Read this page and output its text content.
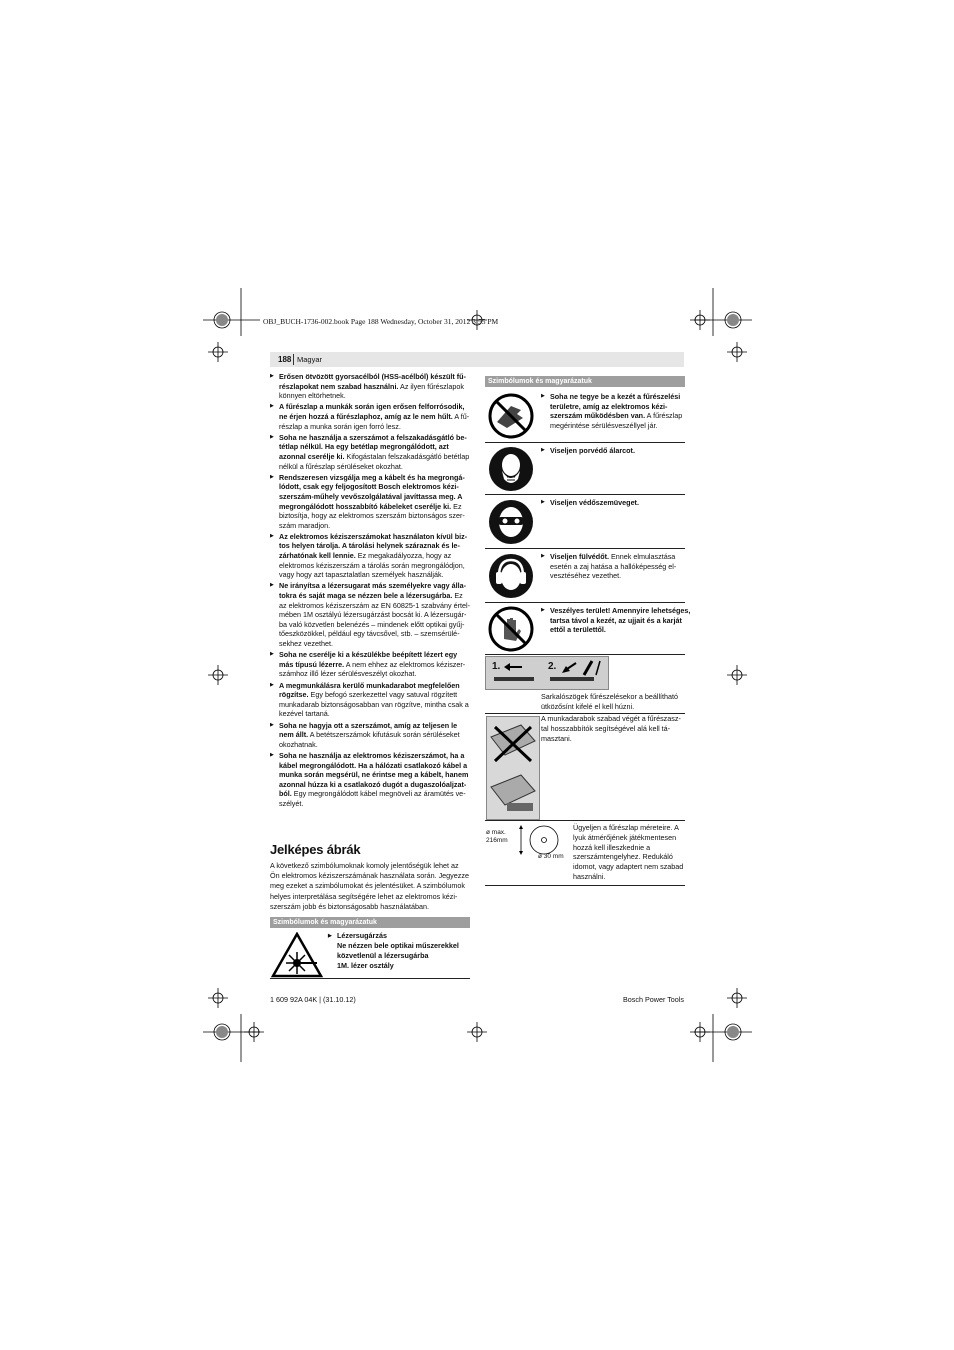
OBJ_BUCH-1736-002.book Page 188 Wednesday, October 31, 2012 3:55 PM
188 Magyar
▶ Erősen ötvözött gyorsacélból (HSS-acélból) készült fűrészlapokat nem szabad használni. Az ilyen fűrészlapok könnyen eltörhetnek.
▶ A fűrészlap a munkák során igen erősen felforrósodik, ne érjen hozzá a fűrészlaphoz, amíg az le nem hűlt. A fűrészlap a munka során igen forró lesz.
▶ Soha ne használja a szerszámot a felszakadásgátló betétlap nélkül. Ha egy betétlap megrongálódott, azt azonnal cserélje ki. Kifogástalan felszakadásgátló betétlap nélkül a fűrészlap sérüléseket okozhat.
▶ Rendszeresen vizsgálja meg a kábelt és ha megrongálódott, csak egy feljogosított Bosch elektromos kéziszerszám-műhely vevőszolgálatával javíttassa meg. A megrongálódott hosszabbító kábeleket cserélje ki. Ez biztosítja, hogy az elektromos szerszám biztonságos szerszám maradjon.
▶ Az elektromos kéziszerszámokat használaton kívül biztos helyen tárolja. A tárolási helynek száraznak és lezárhatónak kell lennie. Ez megakadályozza, hogy az elektromos kéziszerszám a tárolás során megrongálódjon, vagy hogy azt tapasztalatlan személyek használják.
▶ Ne irányítsa a lézersugarat más személyekre vagy állatokra és saját maga se nézzen bele a lézersugárba. Ez az elektromos kéziszerszám az EN 60825-1 szabvány értelmében 1M osztályú lézersugárzást bocsát ki. A lézersugárba való közvetlen belenézés – mindenek előtt optikai gyűjtőeszközökkel, például egy távcsővel, stb. – szemsérülésekhez vezethet.
▶ Soha ne cserélje ki a készülékbe beépített lézert egy más típusú lézerre. A nem ehhez az elektromos kéziszerszámhoz illő lézer sérülésveszélyt okozhat.
▶ A megmunkálásra kerülő munkadarabot megfelelően rögzítse. Egy befogó szerkezettel vagy satuval rögzített munkadarab biztonságosabban van rögzítve, mintha csak a kezével tartaná.
▶ Soha ne hagyja ott a szerszámot, amíg az teljesen le nem állt. A betétszerszámok kifutásuk során sérüléseket okozhatnak.
▶ Soha ne használja az elektromos kéziszerszámot, ha a kábel megrongálódott. Ha a hálózati csatlakozó kábel a munka során megsérül, ne érintse meg a kábelt, hanem azonnal húzza ki a csatlakozó dugót a dugaszolóaljzatból. Egy megrongálódott kábel megnöveli az áramütés veszélyét.
Jelképes ábrák
A következő szimbólumoknak komoly jelentőségük lehet az Ön elektromos kéziszerszámának használata során. Jegyezze meg ezeket a szimbólumokat és jelentésüket. A szimbólumok helyes interpretálása segítségére lehet az elektromos kéziszerszám jobb és biztonságosabb használatában.
Szimbólumok és magyarázatuk
▶ Lézersugárzás
Ne nézzen bele optikai műszerekkel
közvetlenül a lézersugárba
1M. lézer osztály
Szimbólumok és magyarázatuk
▶ Soha ne tegye be a kezét a fűrészelési területre, amíg az elektromos kéziszerszám működésben van. A fűrészlap megérintése sérülésveszéllyel jár.
▶ Viseljen porvédő álarcot.
▶ Viseljen védőszemüveget.
▶ Viseljen fülvédőt. Ennek elmulasztása esetén a zaj hatása a hallóképesség elvesztéséhez vezethet.
▶ Veszélyes terület! Amennyire lehetséges, tartsa távol a kezét, az ujjait és a karját ettől a területtől.
1.	2.
Sarkalószögek fűrészelésekor a beállítható ütközősínt kifelé el kell húzni.
A munkadarabok szabad végét a fűrészasztal hosszabbítók segítségével alá kell támasztani.
ø max.
216mm
ø 30 mm
Ügyeljen a fűrészlap méreteire. A lyuk átmérőjének játékmentesen hozzá kell illeszkednie a szerszámtengelyhez. Redukáló idomot, vagy adaptert nem szabad használni.
1 609 92A 04K | (31.10.12)	Bosch Power Tools
